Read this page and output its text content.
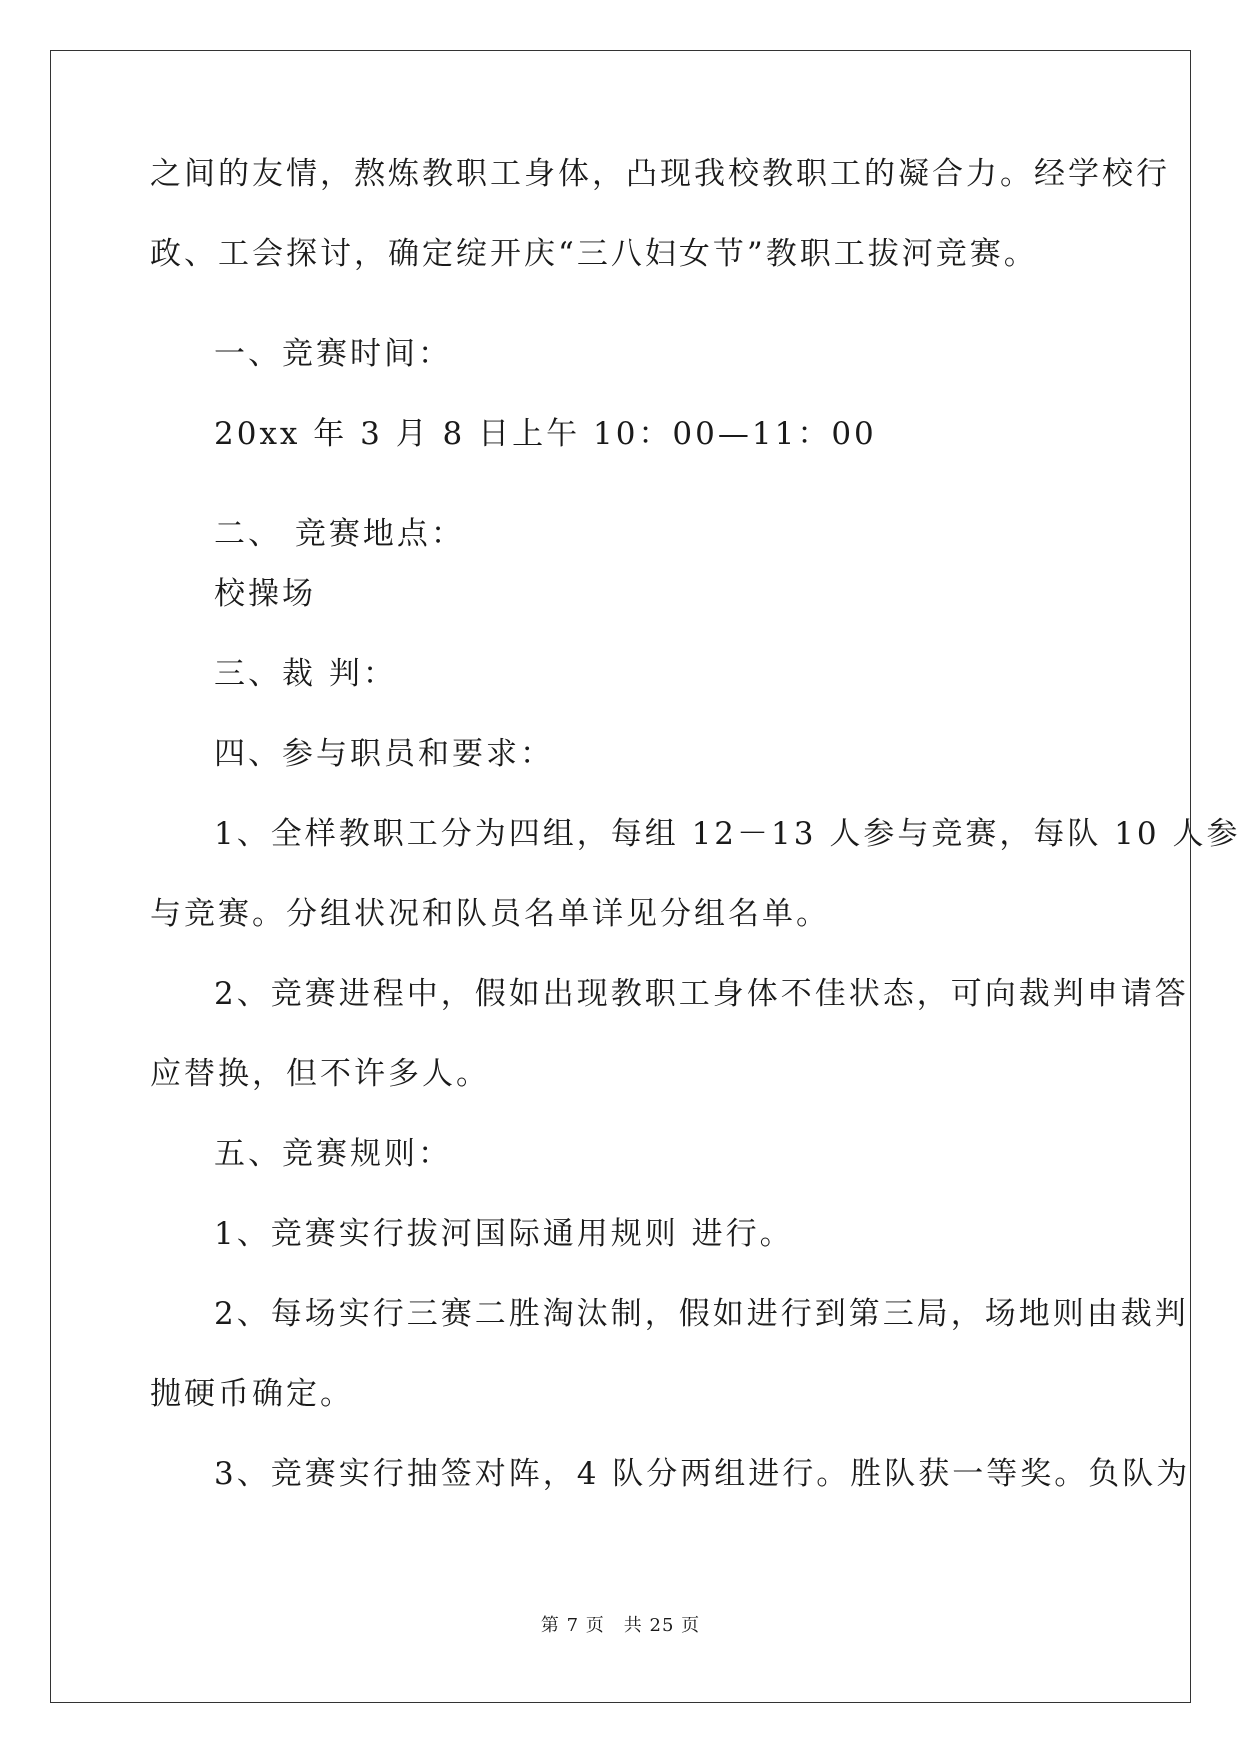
之间的友情，熬炼教职工身体，凸现我校教职工的凝合力。经学校行
政、工会探讨，确定绽开庆“三八妇女节”教职工拔河竞赛。
一、竞赛时间：
20xx 年 3 月 8 日上午 10：00—11：00
二、 竞赛地点：
校操场
三、裁 判：
四、参与职员和要求：
1、全样教职工分为四组，每组 12－13 人参与竞赛，每队 10 人参
与竞赛。分组状况和队员名单详见分组名单。
2、竞赛进程中，假如出现教职工身体不佳状态，可向裁判申请答
应替换，但不许多人。
五、竞赛规则：
1、竞赛实行拔河国际通用规则 进行。
2、每场实行三赛二胜淘汰制，假如进行到第三局，场地则由裁判
抛硬币确定。
3、竞赛实行抽签对阵，4 队分两组进行。胜队获一等奖。负队为
第 7 页　共 25 页
